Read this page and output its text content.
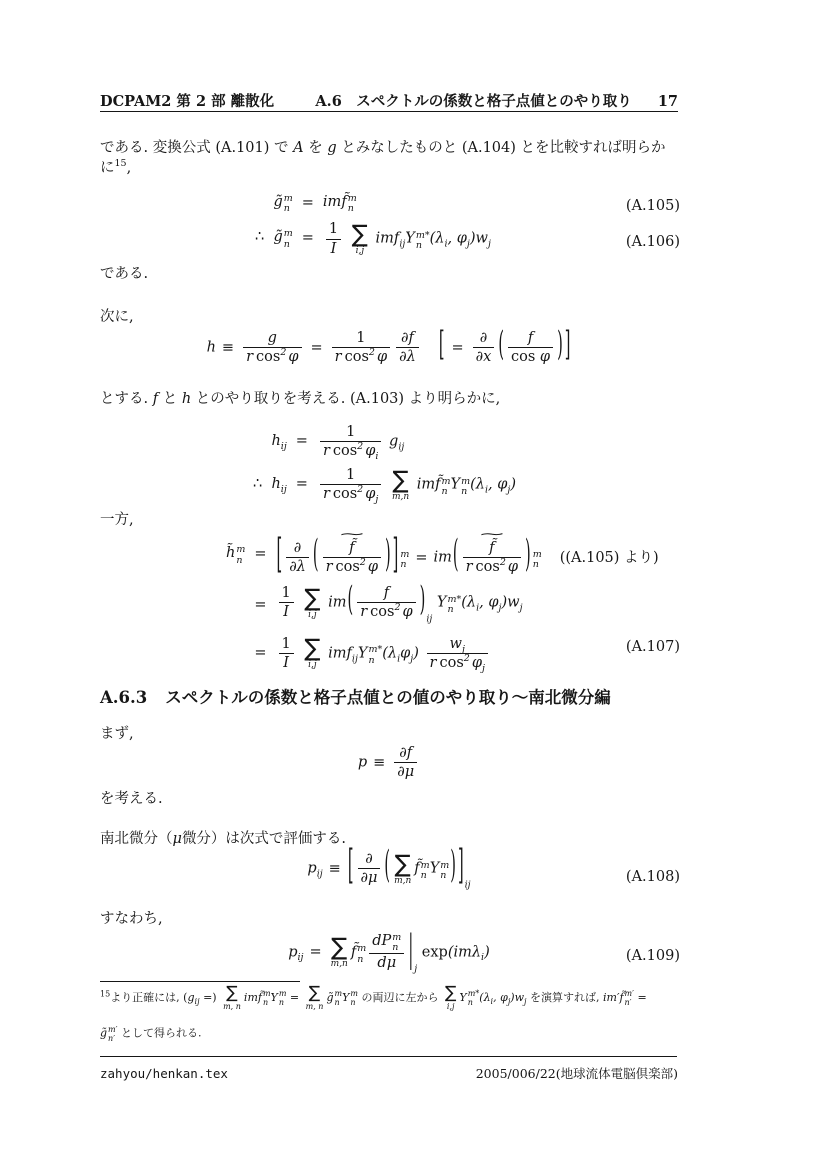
DCPAM2 第 2 部 離散化	A.6　スペクトルの係数と格子点値とのやり取り 17
である. 変換公式 (A.101) で A を g とみなしたものと (A.104) とを比較すれば明らかに$^{15}$,
g̃ m
n = imf̃ m
n
∴ g̃ m
$n = \frac{1}{I}$
∑
i,j
imf$_{ij}$Y m*
n ($\lambda_i$, $\varphi_j)w_j$
(A.105)
(A.106)
である.
次に,
$h \equiv \frac{g}{r \cos^2 \varphi} = \frac{1}{r \cos^2 \varphi} \frac{\partial f}{\partial\lambda}$ [ =
∂
∂x ( $\frac{f}{\text{cos φ}}$ ) ]
とする. f と h とのやり取りを考える. (A.103) より明らかに,
$h_{ij} = \frac{1}{r \cos^2 \varphi_i} g_{ij}$
∴ $h_{ij} = \frac{1}{r \cos^2 \varphi_j}$
∑
m,n
imf̃ m
n Y m
n ($\lambda_i$, $\varphi_j$)
一方,
h̃ m
n = [ ∂
∂λ (
∼
$\frac{f̃}{r \cos^2 \varphi}$ ) ] m
n = im(
∼
$\frac{f̃}{r \cos^2 \varphi}$ ) m
n ((A.105) より)
= $\frac{1}{I}$
∑
i,j
$im( \frac{f}{r \cos^2 \varphi} )_{ij}$ Y m*
n ($\lambda_i$, $\varphi_j)w_j$
= $\frac{1}{I}$
∑
i,j
imf$_{ij}$Y m*
n $(\lambda_i\varphi_j) \frac{w_j}{r \cos^2 \varphi_j}$	(A.107)
A.6.3 スペクトルの係数と格子点値との値のやり取り〜南北微分編
まず,
$p \equiv \frac{\partial f}{\partial\mu}$
を考える.
南北微分（μ微分）は次式で評価する.
$p_{ij}$ ≡ [ ∂
∂μ ( ∑
m,n
f̃ m
n Y m
n ) ]$_{ij}$
(A.108)
すなわち,
$p_{ij}$ = ∑
m,n
f̃ m
n
dP m
n
dμ $|_j$ exp(imλ$_i$)	(A.109)
$^{15}$より正確には, ($g_{ij}$ =) ∑
m, n
imf̃ m
n Y m
n = ∑
m, n
g̃ m
n Y m
n の両辺に左から ∑
i,j
Y m*
n ($\lambda_i$, $\varphi_j)w_j$ を演算すれば, im′f̃ m′
n′ =
g̃ m′
n′ として得られる.
zahyou/henkan.tex	2005/006/22(地球流体電脳倶楽部)
